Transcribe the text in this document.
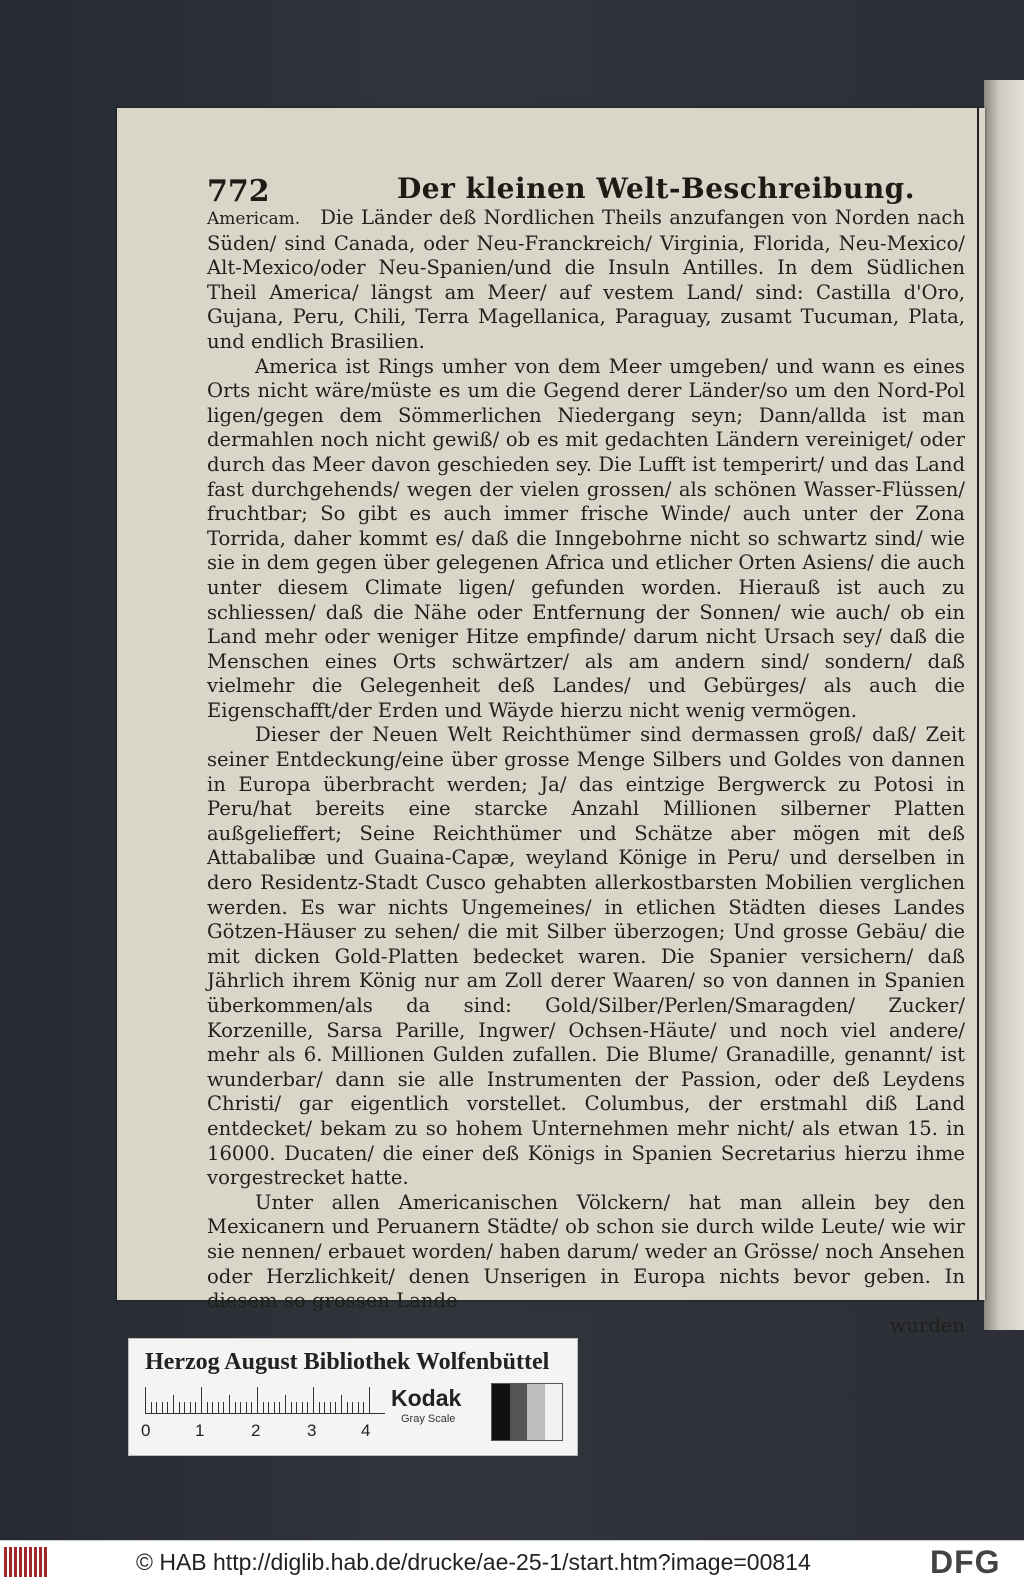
772	Der kleinen Welt-Beschreibung.

Americam. Die Länder deß Nordlichen Theils anzufangen von Norden nach Süden/ sind Canada, oder Neu-Franckreich/ Virginia, Florida, Neu-Mexico/ Alt-Mexico/oder Neu-Spanien/und die Insuln Antilles. In dem Südlichen Theil America/ längst am Meer/ auf vestem Land/ sind: Castilla d'Oro, Gujana, Peru, Chili, Terra Magellanica, Paraguay, zusamt Tucuman, Plata, und endlich Brasilien.

America ist Rings umher von dem Meer umgeben/ und wann es eines Orts nicht wäre/müste es um die Gegend derer Länder/so um den Nord-Pol ligen/gegen dem Sömmerlichen Niedergang seyn; Dann/allda ist man dermahlen noch nicht gewiß/ ob es mit gedachten Ländern vereiniget/ oder durch das Meer davon geschieden sey. Die Lufft ist temperirt/ und das Land fast durchgehends/ wegen der vielen grossen/ als schönen Wasser-Flüssen/ fruchtbar; So gibt es auch immer frische Winde/ auch unter der Zona Torrida, daher kommt es/ daß die Inngebohrne nicht so schwartz sind/ wie sie in dem gegen über gelegenen Africa und etlicher Orten Asiens/ die auch unter diesem Climate ligen/ gefunden worden. Hierauß ist auch zu schliessen/ daß die Nähe oder Entfernung der Sonnen/ wie auch/ ob ein Land mehr oder weniger Hitze empfinde/ darum nicht Ursach sey/ daß die Menschen eines Orts schwärtzer/ als am andern sind/ sondern/ daß vielmehr die Gelegenheit deß Landes/ und Gebürges/ als auch die Eigenschafft/der Erden und Wäyde hierzu nicht wenig vermögen.

Dieser der Neuen Welt Reichthümer sind dermassen groß/ daß/ Zeit seiner Entdeckung/eine über grosse Menge Silbers und Goldes von dannen in Europa überbracht werden; Ja/ das eintzige Bergwerck zu Potosi in Peru/hat bereits eine starcke Anzahl Millionen silberner Platten außgelieffert; Seine Reichthümer und Schätze aber mögen mit deß Attabalibæ und Guaina-Capæ, weyland Könige in Peru/ und derselben in dero Residentz-Stadt Cusco gehabten allerkostbarsten Mobilien verglichen werden. Es war nichts Ungemeines/ in etlichen Städten dieses Landes Götzen-Häuser zu sehen/ die mit Silber überzogen; Und grosse Gebäu/ die mit dicken Gold-Platten bedecket waren. Die Spanier versichern/ daß Jährlich ihrem König nur am Zoll derer Waaren/ so von dannen in Spanien überkommen/als da sind: Gold/Silber/Perlen/Smaragden/ Zucker/ Korzenille, Sarsa Parille, Ingwer/ Ochsen-Häute/ und noch viel andere/ mehr als 6. Millionen Gulden zufallen. Die Blume/ Granadille, genannt/ ist wunderbar/ dann sie alle Instrumenten der Passion, oder deß Leydens Christi/ gar eigentlich vorstellet. Columbus, der erstmahl diß Land entdecket/ bekam zu so hohem Unternehmen mehr nicht/ als etwan 15. in 16000. Ducaten/ die einer deß Königs in Spanien Secretarius hierzu ihme vorgestrecket hatte.

Unter allen Americanischen Völckern/ hat man allein bey den Mexicanern und Peruanern Städte/ ob schon sie durch wilde Leute/ wie wir sie nennen/ erbauet worden/ haben darum/ weder an Grösse/ noch Ansehen oder Herzlichkeit/ denen Unserigen in Europa nichts bevor geben. In diesem so grossen Lande

wurden
Herzog August Bibliothek Wolfenbüttel
0	1	2	3	4
Kodak
Gray Scale
© HAB http://diglib.hab.de/drucke/ae-25-1/start.htm?image=00814	DFG
